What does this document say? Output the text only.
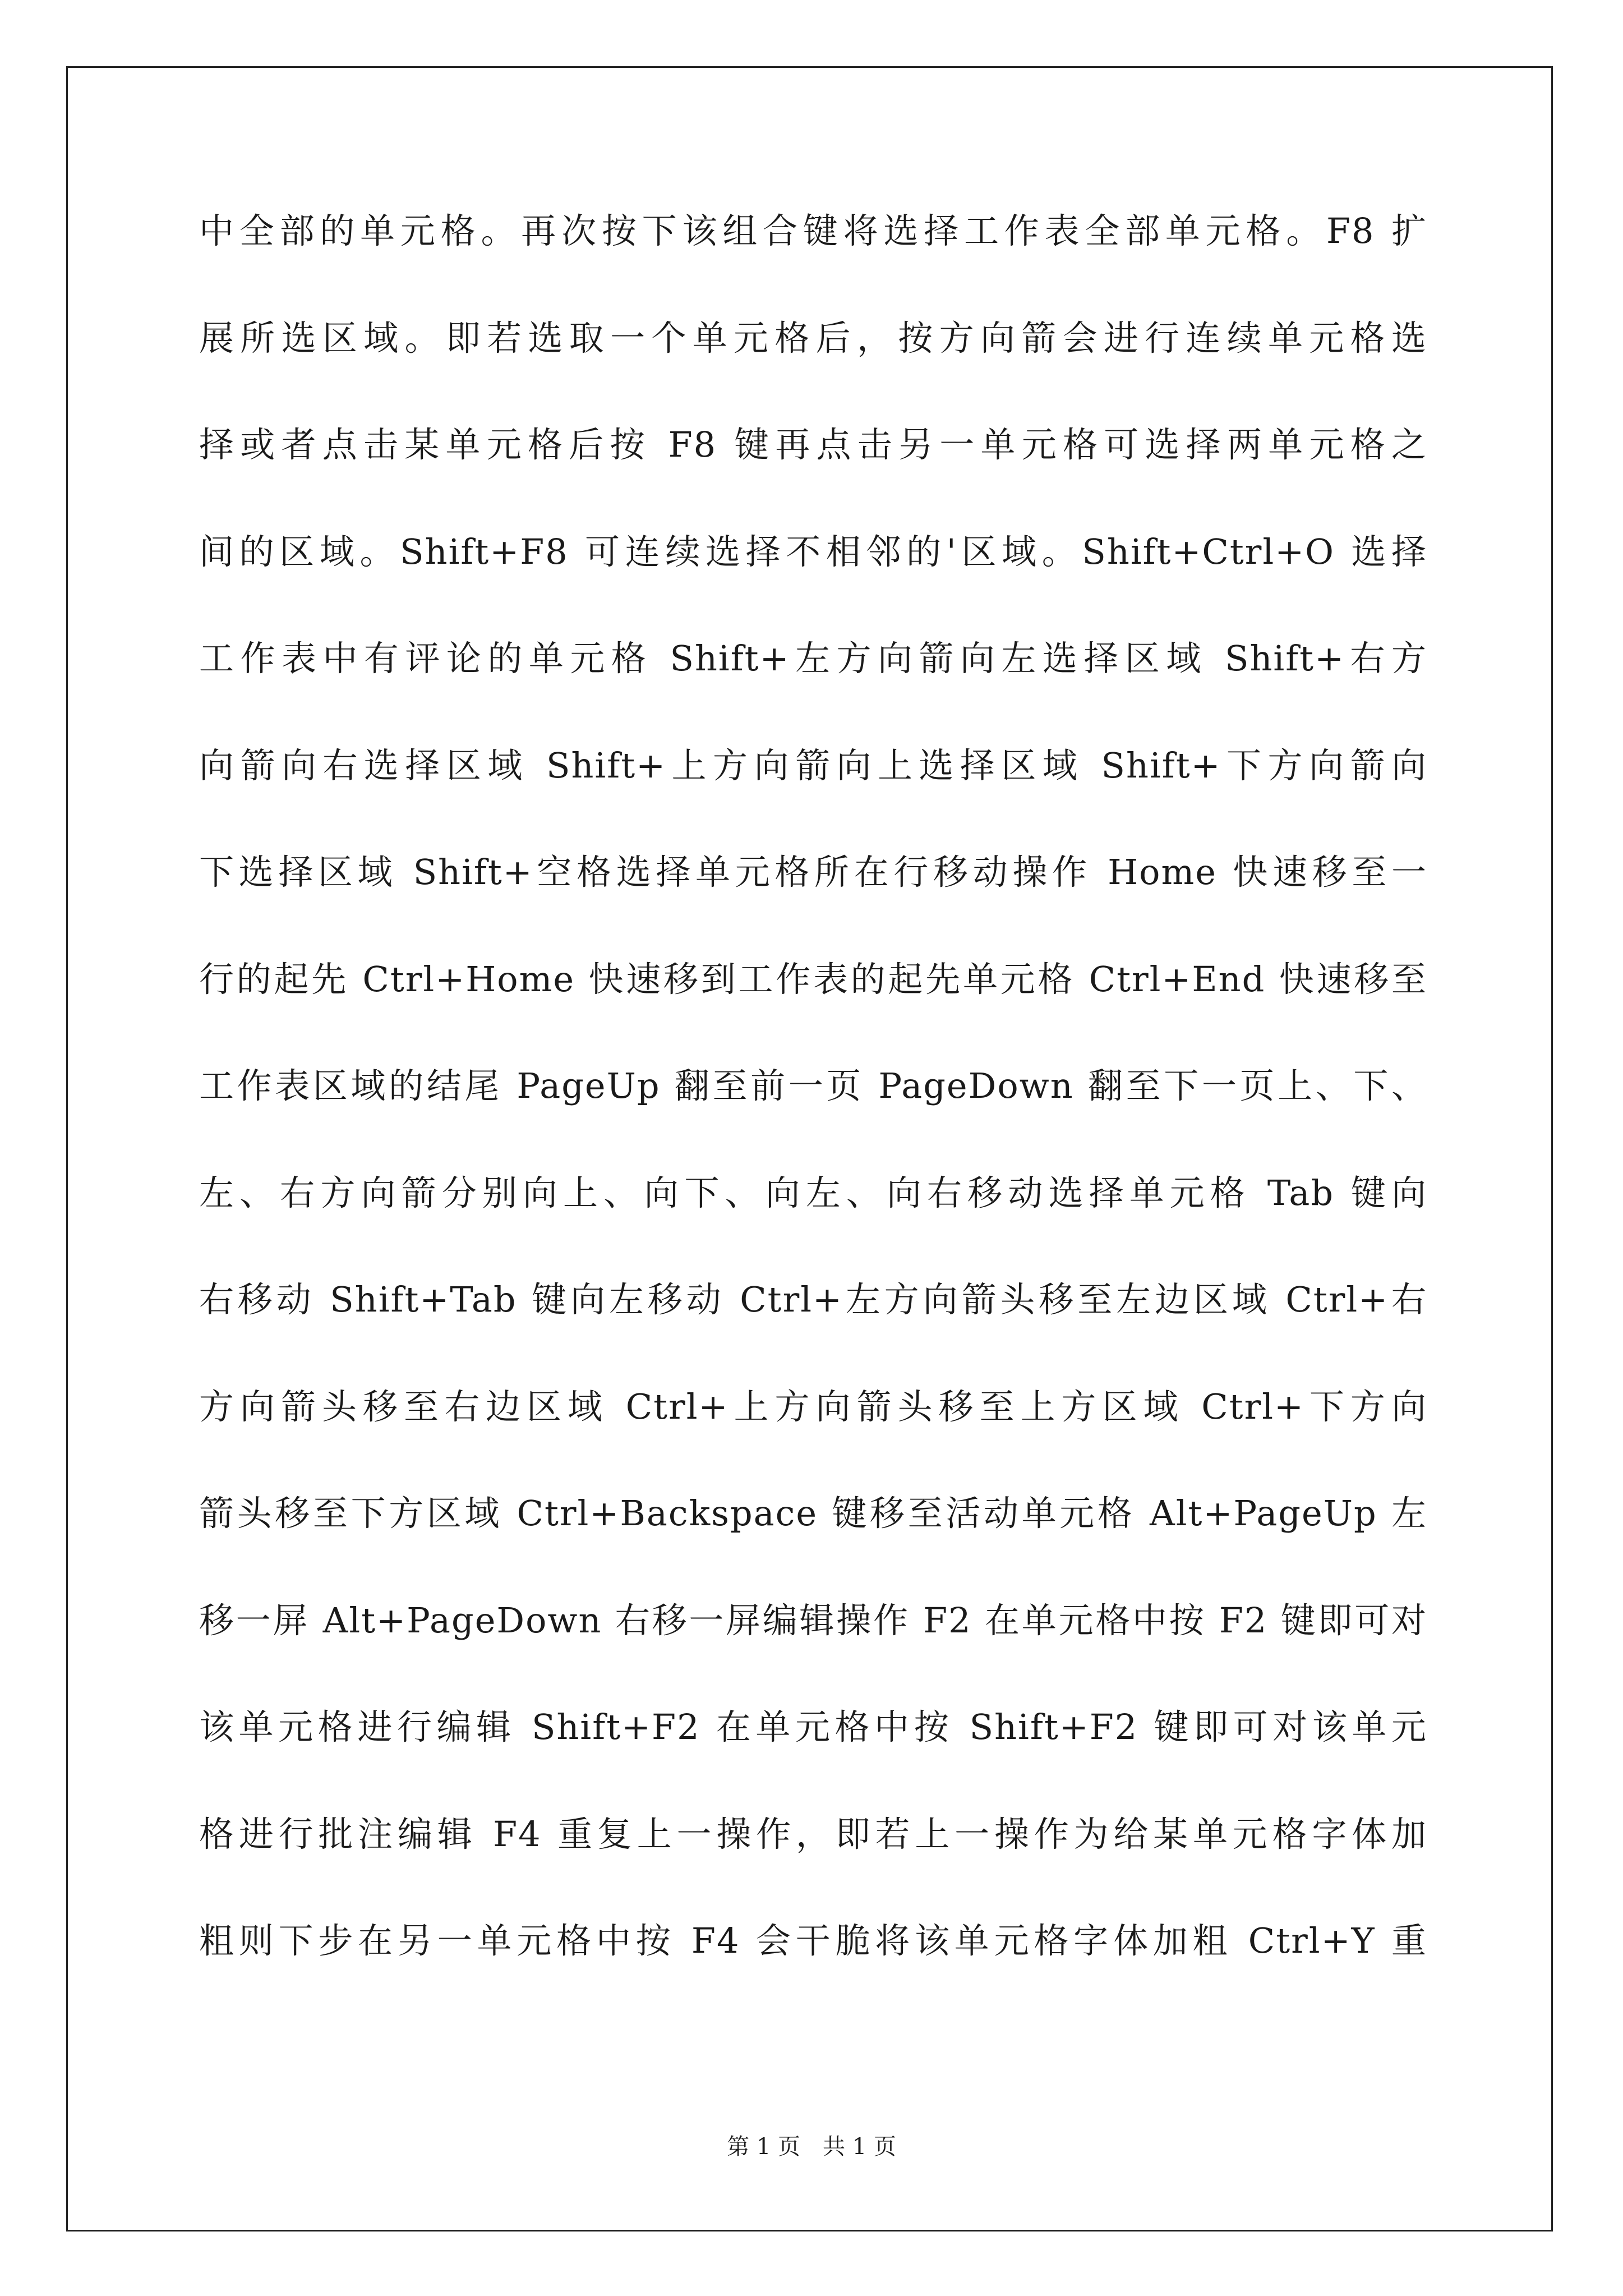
中全部的单元格。再次按下该组合键将选择工作表全部单元格。F8 扩
展所选区域。即若选取一个单元格后，按方向箭会进行连续单元格选
择或者点击某单元格后按 F8 键再点击另一单元格可选择两单元格之
间的区域。Shift+F8 可连续选择不相邻的'区域。Shift+Ctrl+O 选择
工作表中有评论的单元格 Shift+左方向箭向左选择区域 Shift+右方
向箭向右选择区域 Shift+上方向箭向上选择区域 Shift+下方向箭向
下选择区域 Shift+空格选择单元格所在行移动操作 Home 快速移至一
行的起先 Ctrl+Home 快速移到工作表的起先单元格 Ctrl+End 快速移至
工作表区域的结尾 PageUp 翻至前一页 PageDown 翻至下一页上、下、
左、右方向箭分别向上、向下、向左、向右移动选择单元格 Tab 键向
右移动 Shift+Tab 键向左移动 Ctrl+左方向箭头移至左边区域 Ctrl+右
方向箭头移至右边区域 Ctrl+上方向箭头移至上方区域 Ctrl+下方向
箭头移至下方区域 Ctrl+Backspace 键移至活动单元格 Alt+PageUp 左
移一屏 Alt+PageDown 右移一屏编辑操作 F2 在单元格中按 F2 键即可对
该单元格进行编辑 Shift+F2 在单元格中按 Shift+F2 键即可对该单元
格进行批注编辑 F4 重复上一操作，即若上一操作为给某单元格字体加
粗则下步在另一单元格中按 F4 会干脆将该单元格字体加粗 Ctrl+Y 重
第 1 页　共 1 页
